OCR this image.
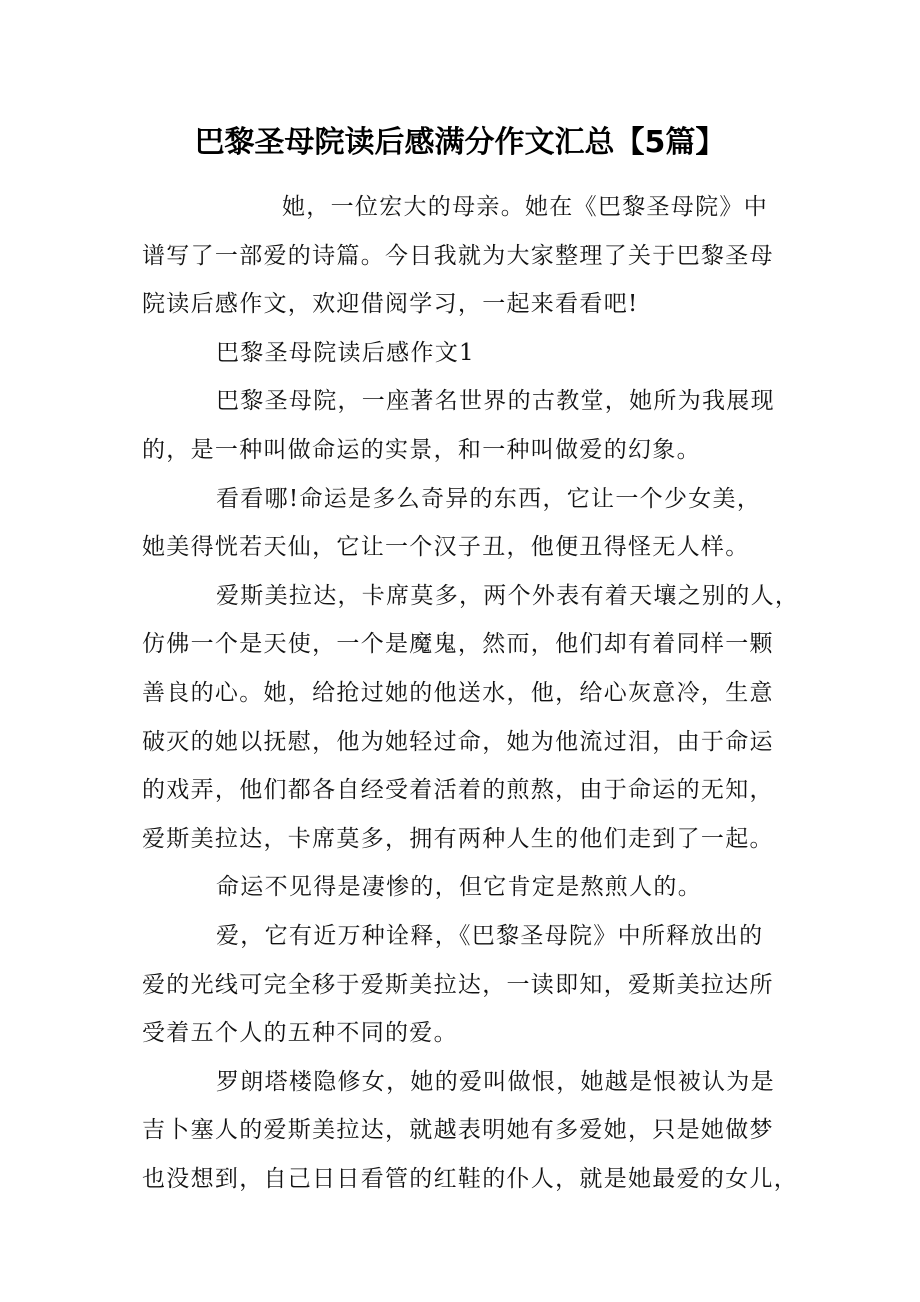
巴黎圣母院读后感满分作文汇总【5篇】
她，一位宏大的母亲。她在《巴黎圣母院》中
谱写了一部爱的诗篇。今日我就为大家整理了关于巴黎圣母
院读后感作文，欢迎借阅学习，一起来看看吧!
巴黎圣母院读后感作文1
巴黎圣母院，一座著名世界的古教堂，她所为我展现
的，是一种叫做命运的实景，和一种叫做爱的幻象。
看看哪!命运是多么奇异的东西，它让一个少女美，
她美得恍若天仙，它让一个汉子丑，他便丑得怪无人样。
爱斯美拉达，卡席莫多，两个外表有着天壤之别的人，
仿佛一个是天使，一个是魔鬼，然而，他们却有着同样一颗
善良的心。她，给抢过她的他送水，他，给心灰意冷，生意
破灭的她以抚慰，他为她轻过命，她为他流过泪，由于命运
的戏弄，他们都各自经受着活着的煎熬，由于命运的无知，
爱斯美拉达，卡席莫多，拥有两种人生的他们走到了一起。
命运不见得是凄惨的，但它肯定是熬煎人的。
爱，它有近万种诠释，《巴黎圣母院》中所释放出的
爱的光线可完全移于爱斯美拉达，一读即知，爱斯美拉达所
受着五个人的五种不同的爱。
罗朗塔楼隐修女，她的爱叫做恨，她越是恨被认为是
吉卜塞人的爱斯美拉达，就越表明她有多爱她，只是她做梦
也没想到，自己日日看管的红鞋的仆人，就是她最爱的女儿，
